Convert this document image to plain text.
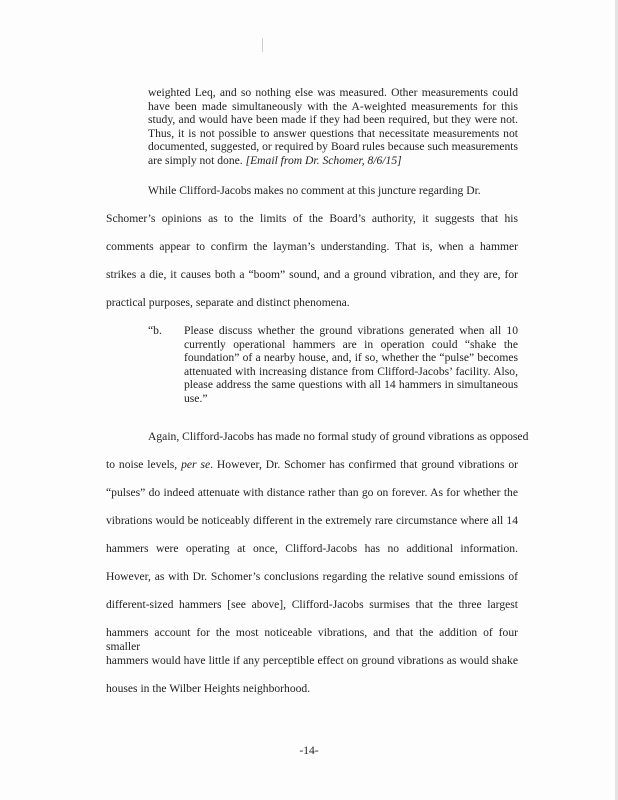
weighted Leq, and so nothing else was measured. Other measurements could have been made simultaneously with the A-weighted measurements for this study, and would have been made if they had been required, but they were not. Thus, it is not possible to answer questions that necessitate measurements not documented, suggested, or required by Board rules because such measurements are simply not done. [Email from Dr. Schomer, 8/6/15]

While Clifford-Jacobs makes no comment at this juncture regarding Dr.
Schomer’s opinions as to the limits of the Board’s authority, it suggests that his
comments appear to confirm the layman’s understanding. That is, when a hammer
strikes a die, it causes both a “boom” sound, and a ground vibration, and they are, for
practical purposes, separate and distinct phenomena.
“b. Please discuss whether the ground vibrations generated when all 10 currently operational hammers are in operation could “shake the foundation” of a nearby house, and, if so, whether the “pulse” becomes attenuated with increasing distance from Clifford-Jacobs’ facility. Also, please address the same questions with all 14 hammers in simultaneous use.”

Again, Clifford-Jacobs has made no formal study of ground vibrations as opposed
to noise levels, per se. However, Dr. Schomer has confirmed that ground vibrations or
“pulses” do indeed attenuate with distance rather than go on forever. As for whether the
vibrations would be noticeably different in the extremely rare circumstance where all 14
hammers were operating at once, Clifford-Jacobs has no additional information.
However, as with Dr. Schomer’s conclusions regarding the relative sound emissions of
different-sized hammers [see above], Clifford-Jacobs surmises that the three largest
hammers account for the most noticeable vibrations, and that the addition of four smaller
hammers would have little if any perceptible effect on ground vibrations as would shake
houses in the Wilber Heights neighborhood.
-14-
